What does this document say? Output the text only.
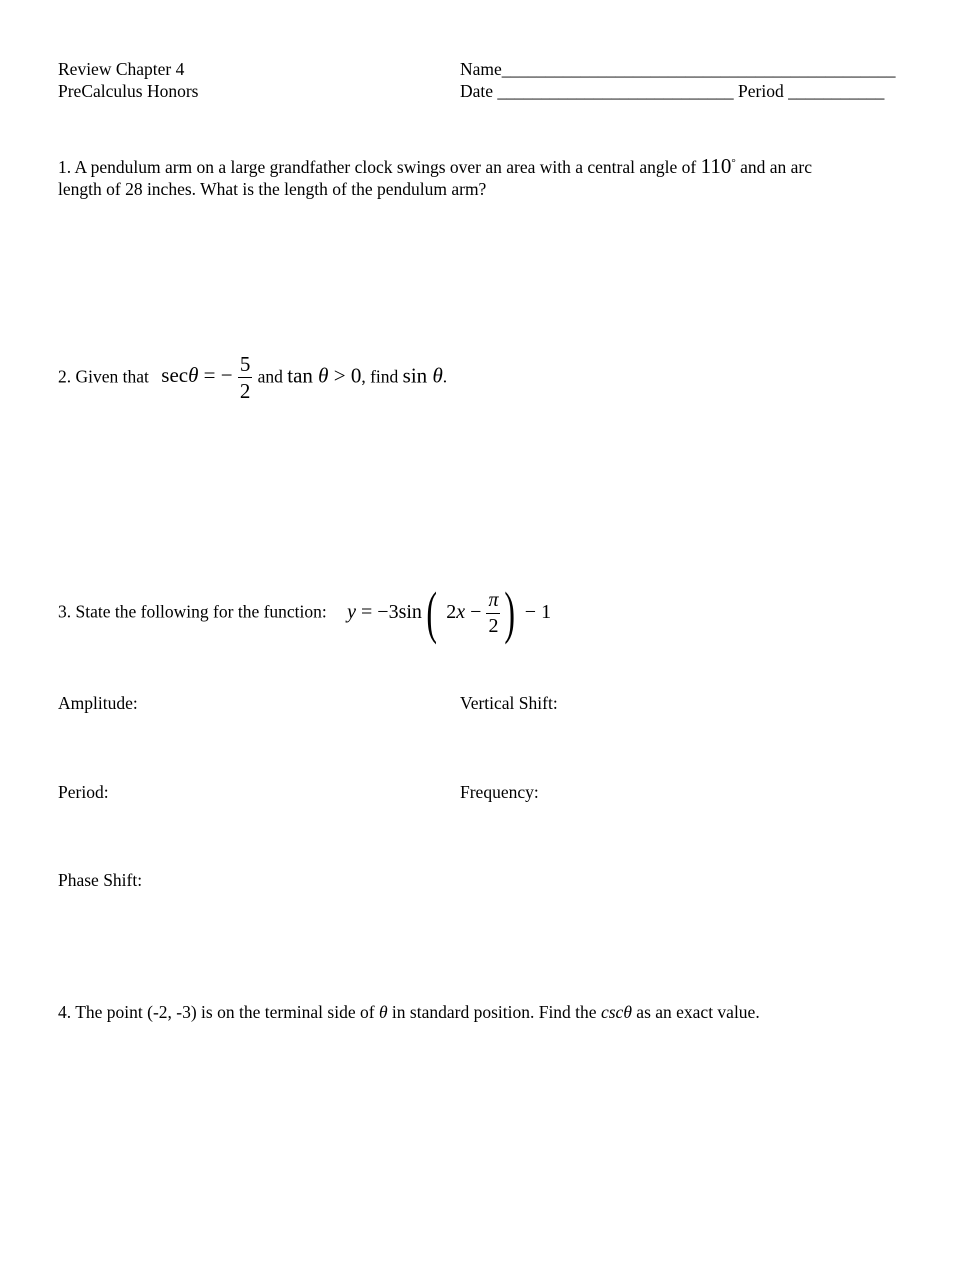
Review Chapter 4
PreCalculus Honors
Name_____________________________________________
Date ___________________________ Period ___________
1. A pendulum arm on a large grandfather clock swings over an area with a central angle of 110° and an arc
length of 28 inches. What is the length of the pendulum arm?
2. Given that secθ = − $\frac{5}{2}$ and tan θ > 0, find sin θ.
3. State the following for the function: y = −3sin( $2x - \frac{\pi}{2}$ ) − 1
Amplitude:	Vertical Shift:
Period:	Frequency:
Phase Shift:
4. The point (-2, -3) is on the terminal side of θ in standard position. Find the cscθ as an exact value.
